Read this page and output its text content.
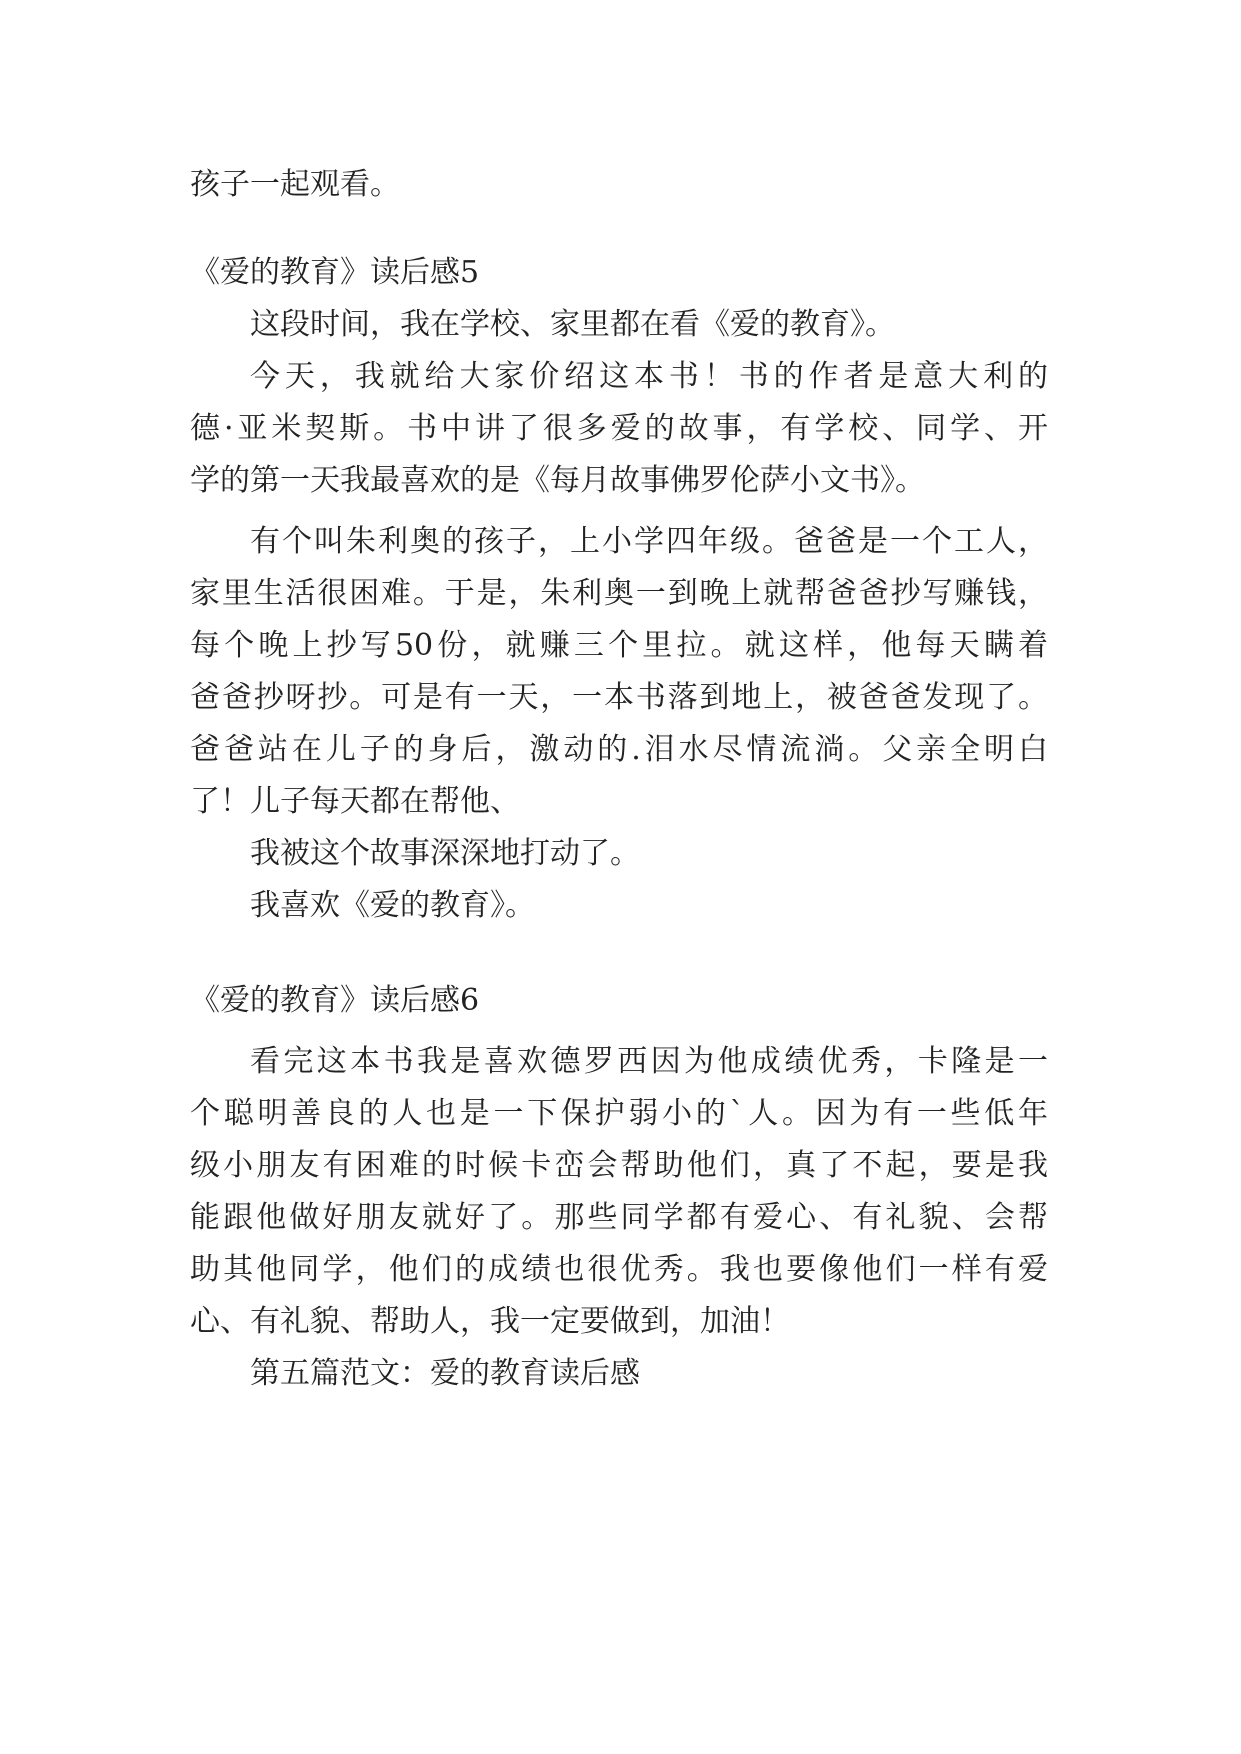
孩子一起观看。
《爱的教育》读后感5
这段时间，我在学校、家里都在看《爱的教育》。
今天，我就给大家价绍这本书！书的作者是意大利的
德·亚米契斯。书中讲了很多爱的故事，有学校、同学、开
学的第一天我最喜欢的是《每月故事佛罗伦萨小文书》。
有个叫朱利奥的孩子，上小学四年级。爸爸是一个工人，
家里生活很困难。于是，朱利奥一到晚上就帮爸爸抄写赚钱，
每个晚上抄写50份，就赚三个里拉。就这样，他每天瞒着
爸爸抄呀抄。可是有一天，一本书落到地上，被爸爸发现了。
爸爸站在儿子的身后，激动的.泪水尽情流淌。父亲全明白
了！儿子每天都在帮他、
我被这个故事深深地打动了。
我喜欢《爱的教育》。
《爱的教育》读后感6
看完这本书我是喜欢德罗西因为他成绩优秀，卡隆是一
个聪明善良的人也是一下保护弱小的`人。因为有一些低年
级小朋友有困难的时候卡峦会帮助他们，真了不起，要是我
能跟他做好朋友就好了。那些同学都有爱心、有礼貌、会帮
助其他同学，他们的成绩也很优秀。我也要像他们一样有爱
心、有礼貌、帮助人，我一定要做到，加油！
第五篇范文：爱的教育读后感
